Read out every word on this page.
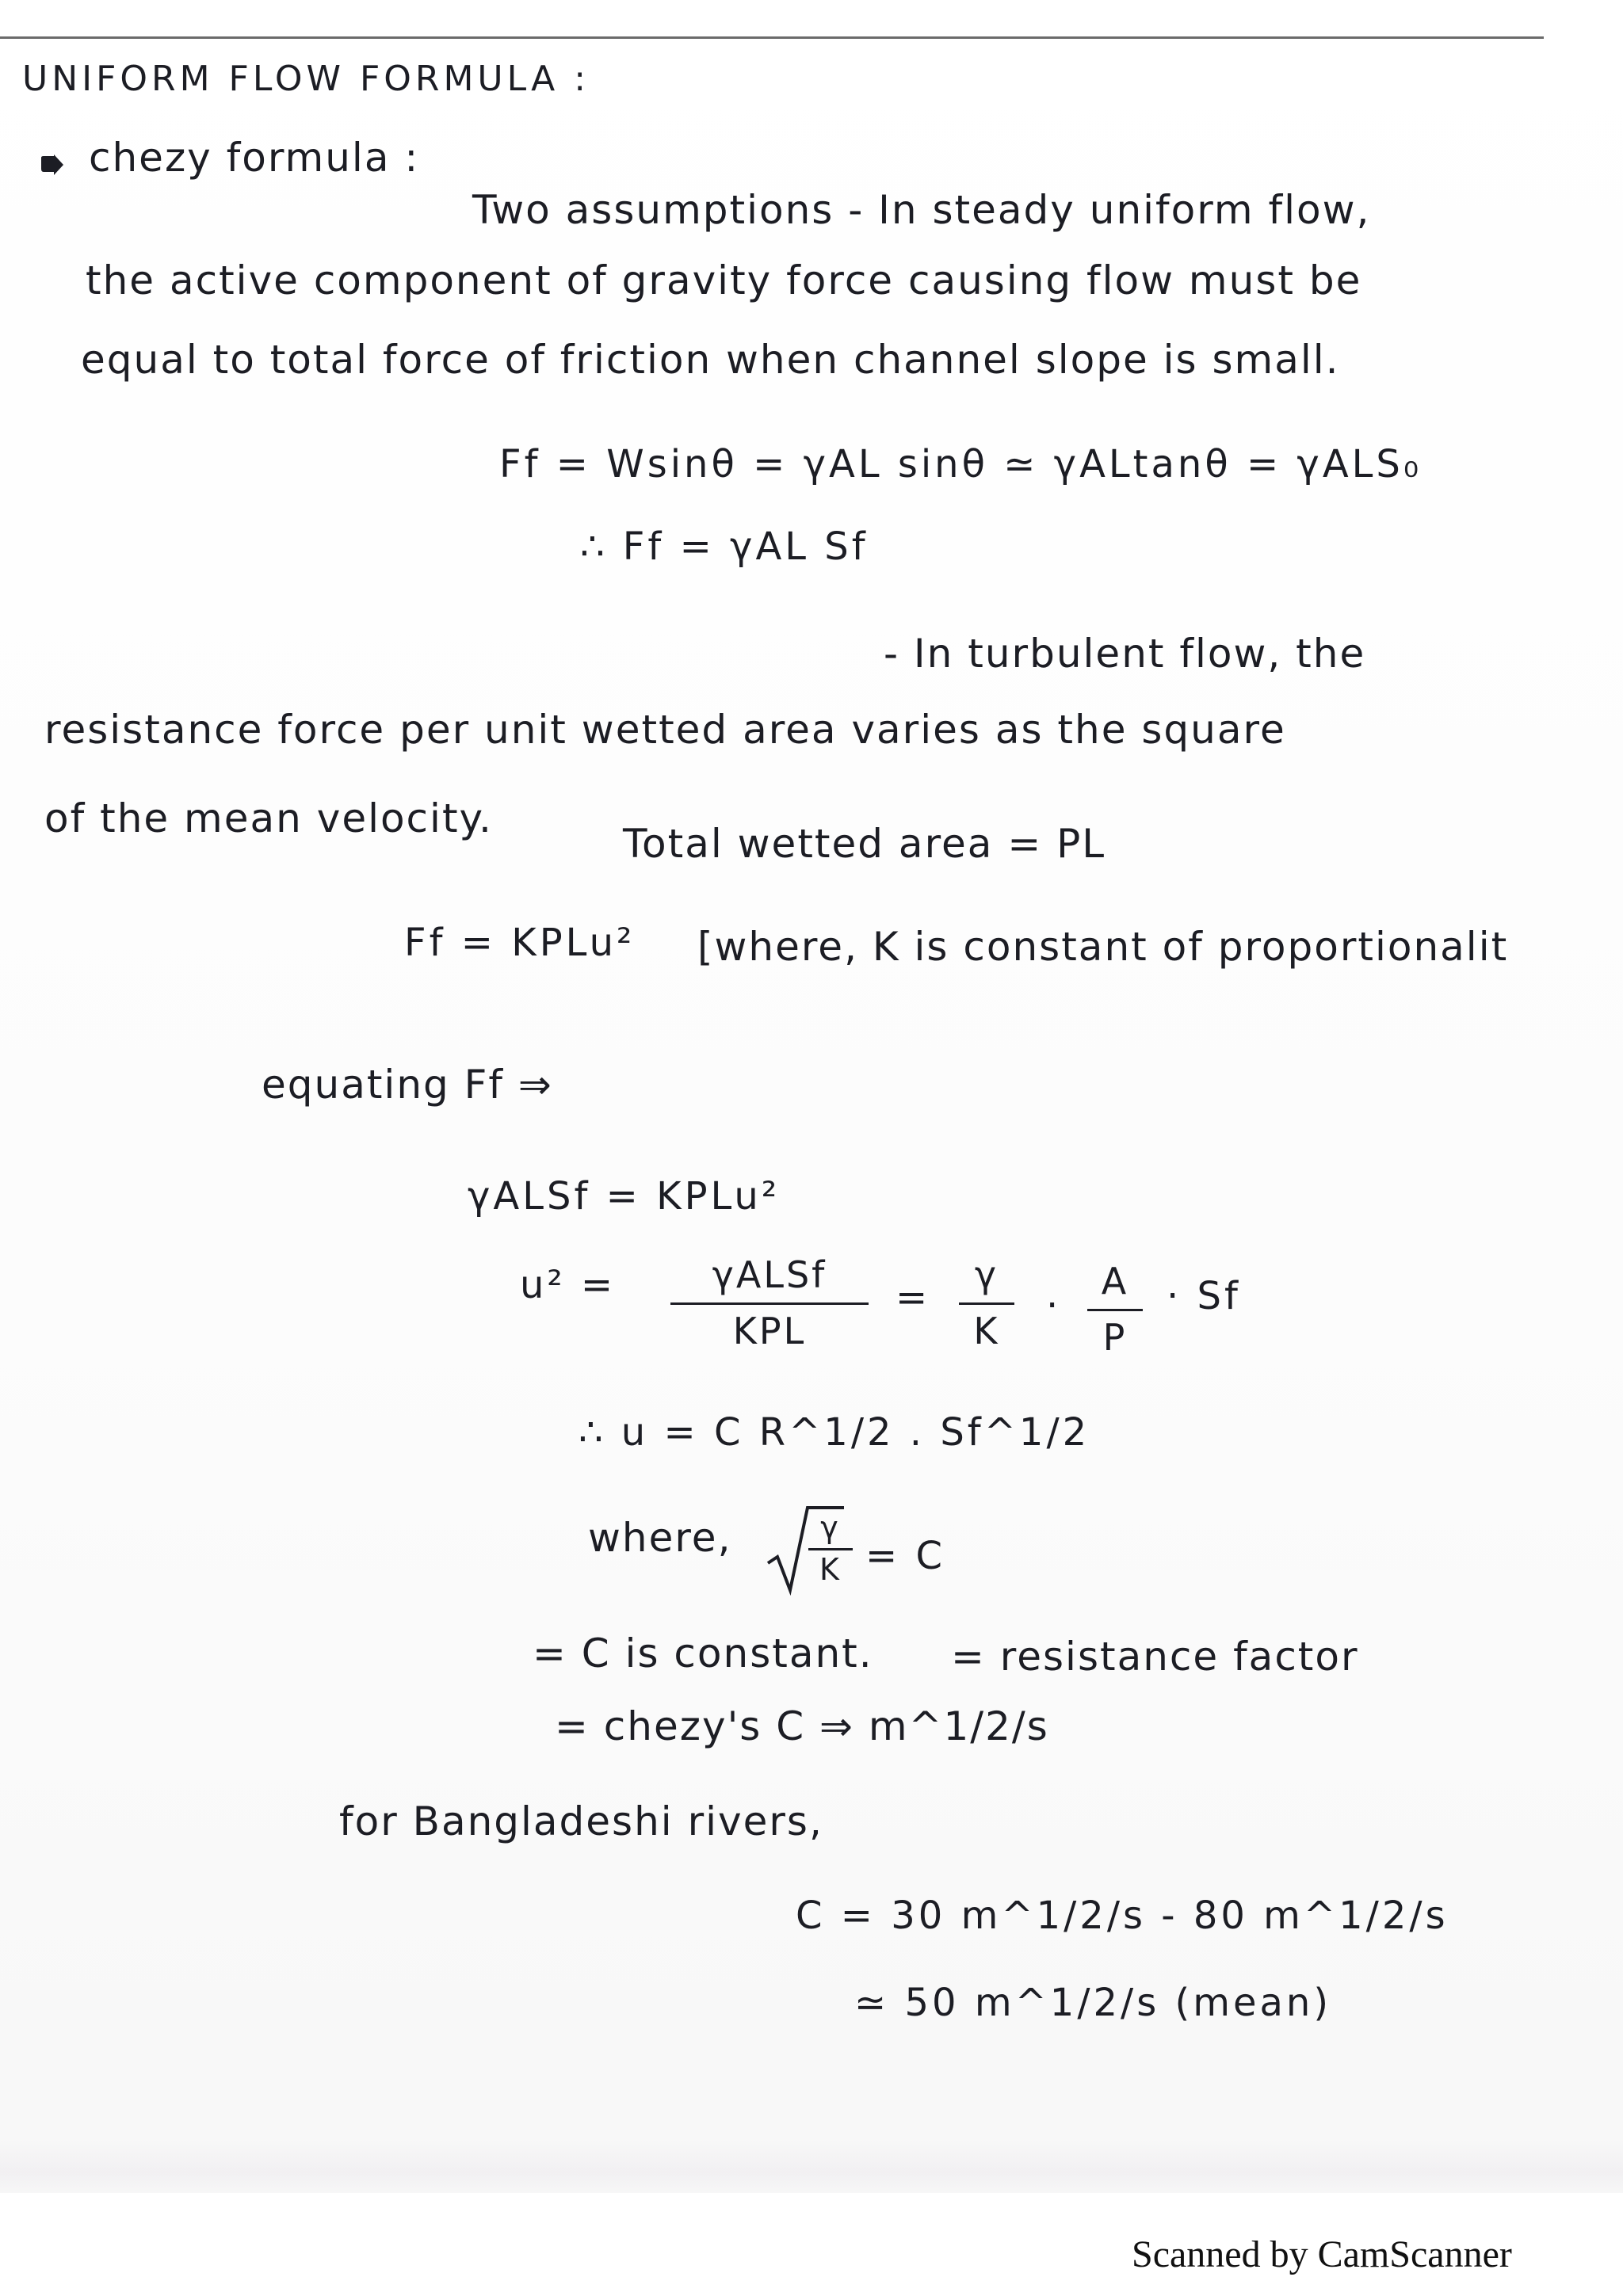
UNIFORM FLOW FORMULA :
chezy formula :
Two assumptions - In steady uniform flow,
the active component of gravity force causing flow must be
equal to total force of friction when channel slope is small.
Ff = Wsinθ = γAL sinθ ≃ γALtanθ = γALS₀
∴ Ff = γAL Sf
- In turbulent flow, the
resistance force per unit wetted area varies as the square
of the mean velocity.
Total wetted area = PL
Ff = KPLu² [where, K is constant of proportionalit
equating Ff ⇒
γALSf = KPLu²
u² =	γALSf
KPL
=
γ
K
·
A
P
· Sf
∴ u = C R^1/2 . Sf^1/2
where,	γ
K = C
= C is constant. = resistance factor
= chezy's C ⇒ m^1/2/s
for Bangladeshi rivers,
C = 30 m^1/2/s - 80 m^1/2/s
≃ 50 m^1/2/s (mean)
Scanned by CamScanner
